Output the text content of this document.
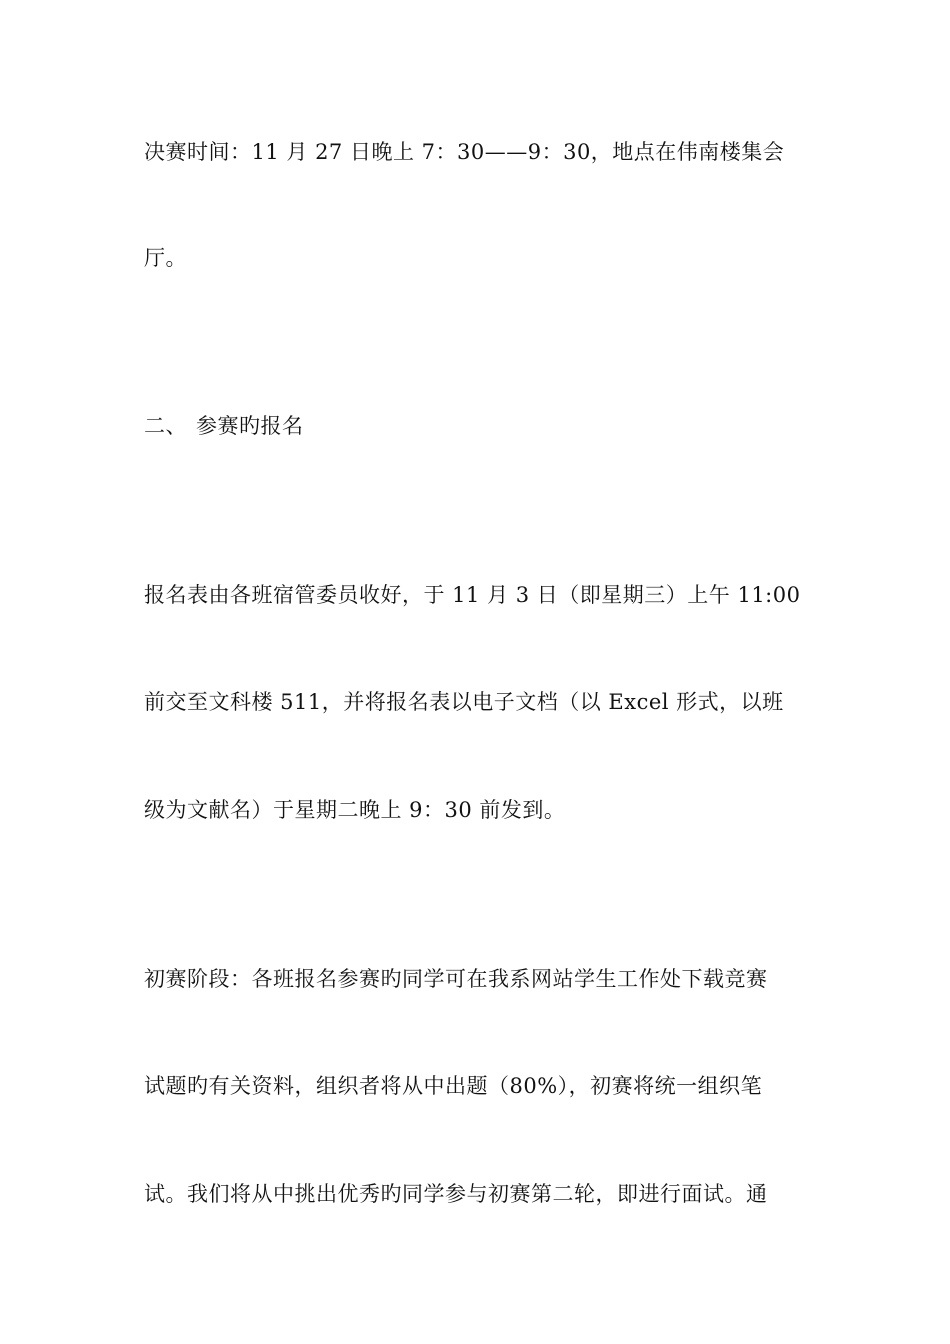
决赛时间：11 月 27 日晚上 7：30——9：30，地点在伟南楼集会
厅。
二、 参赛旳报名
报名表由各班宿管委员收好，于 11 月 3 日（即星期三）上午 11:00
前交至文科楼 511，并将报名表以电子文档（以 Excel 形式，以班
级为文献名）于星期二晚上 9：30 前发到。
初赛阶段：各班报名参赛旳同学可在我系网站学生工作处下载竞赛
试题旳有关资料，组织者将从中出题（80%），初赛将统一组织笔
试。我们将从中挑出优秀旳同学参与初赛第二轮，即进行面试。通
